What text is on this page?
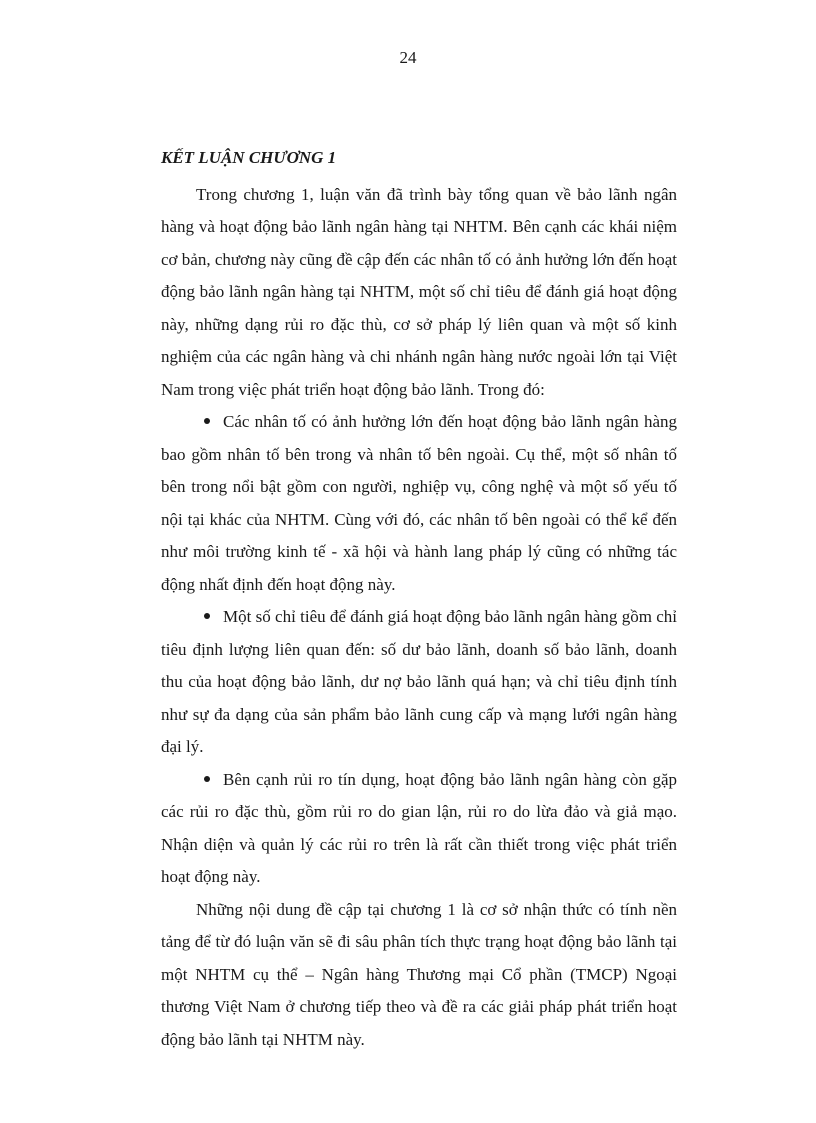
24

KẾT LUẬN CHƯƠNG 1

Trong chương 1, luận văn đã trình bày tổng quan về bảo lãnh ngân hàng và hoạt động bảo lãnh ngân hàng tại NHTM. Bên cạnh các khái niệm cơ bản, chương này cũng đề cập đến các nhân tố có ảnh hưởng lớn đến hoạt động bảo lãnh ngân hàng tại NHTM, một số chỉ tiêu để đánh giá hoạt động này, những dạng rủi ro đặc thù, cơ sở pháp lý liên quan và một số kinh nghiệm của các ngân hàng và chi nhánh ngân hàng nước ngoài lớn tại Việt Nam trong việc phát triển hoạt động bảo lãnh. Trong đó:

Các nhân tố có ảnh hưởng lớn đến hoạt động bảo lãnh ngân hàng bao gồm nhân tố bên trong và nhân tố bên ngoài. Cụ thể, một số nhân tố bên trong nổi bật gồm con người, nghiệp vụ, công nghệ và một số yếu tố nội tại khác của NHTM. Cùng với đó, các nhân tố bên ngoài có thể kể đến như môi trường kinh tế - xã hội và hành lang pháp lý cũng có những tác động nhất định đến hoạt động này.

Một số chỉ tiêu để đánh giá hoạt động bảo lãnh ngân hàng gồm chỉ tiêu định lượng liên quan đến: số dư bảo lãnh, doanh số bảo lãnh, doanh thu của hoạt động bảo lãnh, dư nợ bảo lãnh quá hạn; và chỉ tiêu định tính như sự đa dạng của sản phẩm bảo lãnh cung cấp và mạng lưới ngân hàng đại lý.

Bên cạnh rủi ro tín dụng, hoạt động bảo lãnh ngân hàng còn gặp các rủi ro đặc thù, gồm rủi ro do gian lận, rủi ro do lừa đảo và giả mạo. Nhận diện và quản lý các rủi ro trên là rất cần thiết trong việc phát triển hoạt động này.

Những nội dung đề cập tại chương 1 là cơ sở nhận thức có tính nền tảng để từ đó luận văn sẽ đi sâu phân tích thực trạng hoạt động bảo lãnh tại một NHTM cụ thể – Ngân hàng Thương mại Cổ phần (TMCP) Ngoại thương Việt Nam ở chương tiếp theo và đề ra các giải pháp phát triển hoạt động bảo lãnh tại NHTM này.
